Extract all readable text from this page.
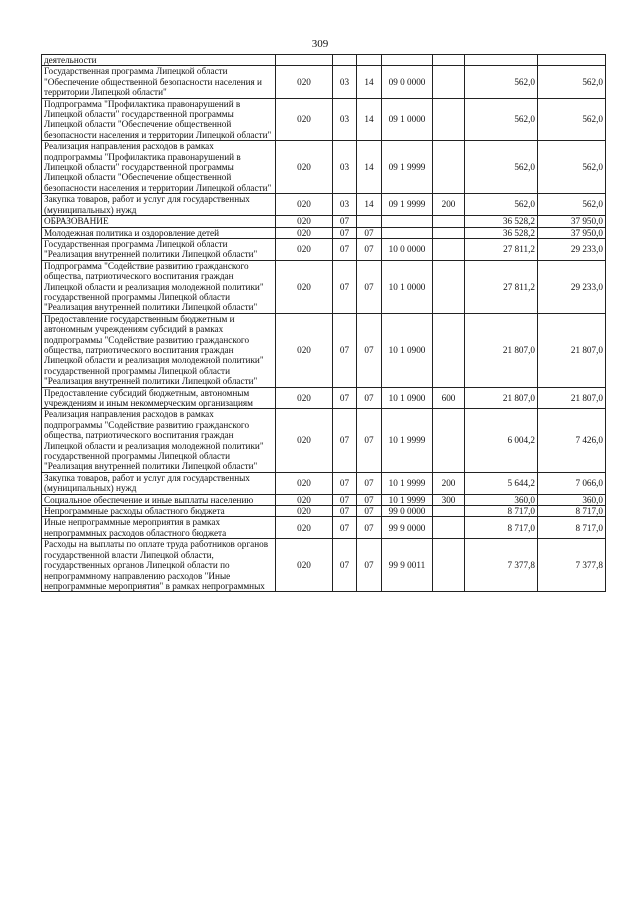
309
деятельности							
Государственная программа Липецкой области "Обеспечение общественной безопасности населения и территории Липецкой области"	020	03	14	09 0 0000		562,0	562,0
Подпрограмма "Профилактика правонарушений в Липецкой области" государственной программы Липецкой области "Обеспечение общественной безопасности населения и территории Липецкой области"	020	03	14	09 1 0000		562,0	562,0
Реализация направления расходов в рамках подпрограммы "Профилактика правонарушений в Липецкой области" государственной программы Липецкой области "Обеспечение общественной безопасности населения и территории Липецкой области"	020	03	14	09 1 9999		562,0	562,0
Закупка товаров, работ и услуг для государственных (муниципальных) нужд	020	03	14	09 1 9999	200	562,0	562,0
ОБРАЗОВАНИЕ	020	07				36 528,2	37 950,0
Молодежная политика и оздоровление детей	020	07	07			36 528,2	37 950,0
Государственная программа Липецкой области "Реализация внутренней политики Липецкой области"	020	07	07	10 0 0000		27 811,2	29 233,0
Подпрограмма "Содействие развитию гражданского общества, патриотического воспитания граждан Липецкой области и реализация молодежной политики" государственной программы Липецкой области "Реализация внутренней политики Липецкой области"	020	07	07	10 1 0000		27 811,2	29 233,0
Предоставление государственным бюджетным и автономным учреждениям субсидий в рамках подпрограммы "Содействие развитию гражданского общества, патриотического воспитания граждан Липецкой области и реализация молодежной политики" государственной программы Липецкой области "Реализация внутренней политики Липецкой области"	020	07	07	10 1 0900		21 807,0	21 807,0
Предоставление субсидий бюджетным, автономным учреждениям и иным некоммерческим организациям	020	07	07	10 1 0900	600	21 807,0	21 807,0
Реализация направления расходов в рамках подпрограммы "Содействие развитию гражданского общества, патриотического воспитания граждан Липецкой области и реализация молодежной политики" государственной программы Липецкой области "Реализация внутренней политики Липецкой области"	020	07	07	10 1 9999		6 004,2	7 426,0
Закупка товаров, работ и услуг для государственных (муниципальных) нужд	020	07	07	10 1 9999	200	5 644,2	7 066,0
Социальное обеспечение и иные выплаты населению	020	07	07	10 1 9999	300	360,0	360,0
Непрограммные расходы областного бюджета	020	07	07	99 0 0000		8 717,0	8 717,0
Иные непрограммные мероприятия в рамках непрограммных расходов областного бюджета	020	07	07	99 9 0000		8 717,0	8 717,0
Расходы на выплаты по оплате труда работников органов государственной власти Липецкой области, государственных органов Липецкой области по непрограммному направлению расходов "Иные непрограммные мероприятия" в рамках непрограммных	020	07	07	99 9 0011		7 377,8	7 377,8
